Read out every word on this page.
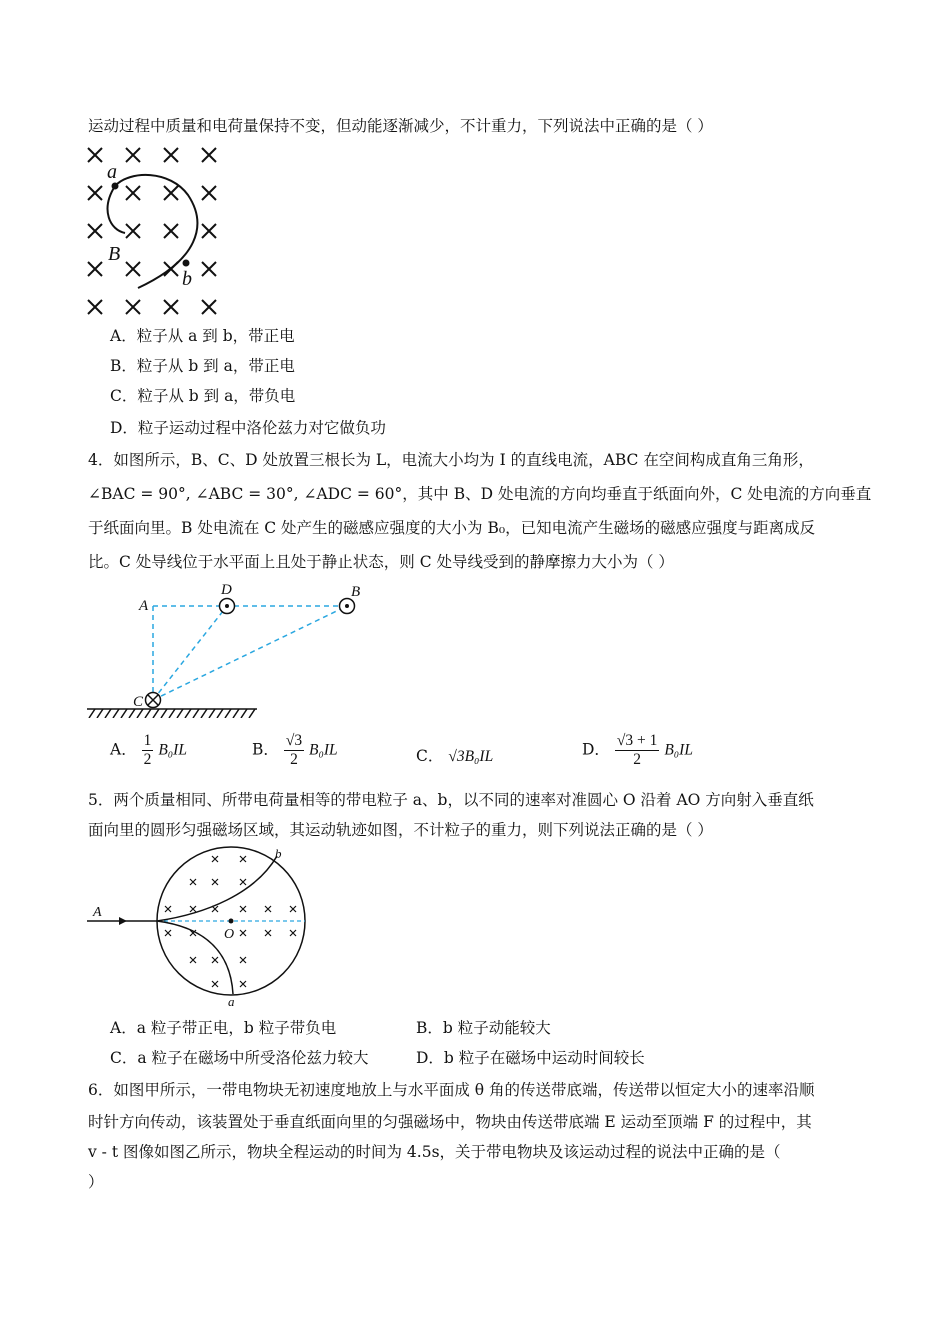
运动过程中质量和电荷量保持不变，但动能逐渐减少，不计重力，下列说法中正确的是（ ）
a
b
B
A．粒子从 a 到 b，带正电
B．粒子从 b 到 a，带正电
C．粒子从 b 到 a，带负电
D．粒子运动过程中洛伦兹力对它做负功
4．如图所示，B、C、D 处放置三根长为 L，电流大小均为 I 的直线电流，ABC 在空间构成直角三角形，
∠BAC = 90°, ∠ABC = 30°, ∠ADC = 60°，其中 B、D 处电流的方向均垂直于纸面向外，C 处电流的方向垂直
于纸面向里。B 处电流在 C 处产生的磁感应强度的大小为 B₀，已知电流产生磁场的磁感应强度与距离成反
比。C 处导线位于水平面上且处于静止状态，则 C 处导线受到的静摩擦力大小为（ ）
A
D	B
C
A． $\frac{1}{2} B_0IL$	B． $\frac{√3}{2} B_0IL$	C． √3B₀IL	D． $\frac{√3 + 1}{2} B_0IL$
5．两个质量相同、所带电荷量相等的带电粒子 a、b，以不同的速率对准圆心 O 沿着 AO 方向射入垂直纸
面向里的圆形匀强磁场区域，其运动轨迹如图，不计粒子的重力，则下列说法正确的是（ ）
A
O
b
a
A．a 粒子带正电，b 粒子带负电	B．b 粒子动能较大
C．a 粒子在磁场中所受洛伦兹力较大	D．b 粒子在磁场中运动时间较长
6．如图甲所示，一带电物块无初速度地放上与水平面成 θ 角的传送带底端，传送带以恒定大小的速率沿顺
时针方向传动，该装置处于垂直纸面向里的匀强磁场中，物块由传送带底端 E 运动至顶端 F 的过程中，其
v - t 图像如图乙所示，物块全程运动的时间为 4.5s，关于带电物块及该运动过程的说法中正确的是（
）
